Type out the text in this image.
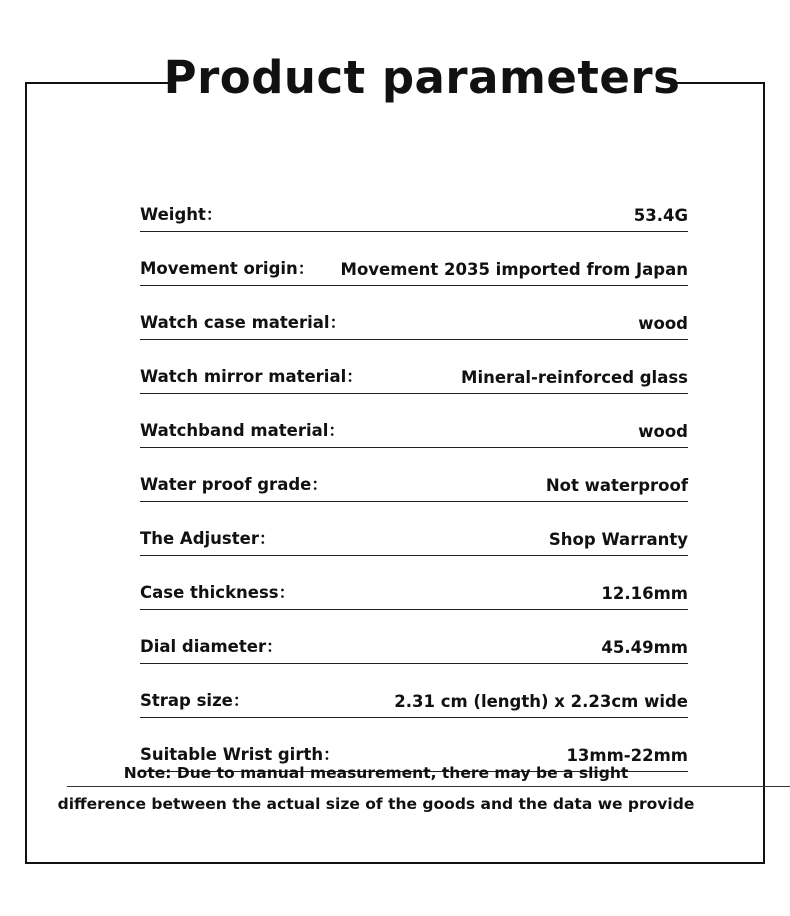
Product parameters
Weight：	53.4G
Movement origin： Movement 2035 imported from Japan
Watch case material：	wood
Watch mirror material：	Mineral-reinforced glass
Watchband material：	wood
Water proof grade：	Not waterproof
The Adjuster：	Shop Warranty
Case thickness：	12.16mm
Dial diameter：	45.49mm
Strap size：	2.31 cm (length) x 2.23cm wide
Suitable Wrist girth：	13mm-22mm
Note: Due to manual measurement, there may be a slight
difference between the actual size of the goods and the data we provide
